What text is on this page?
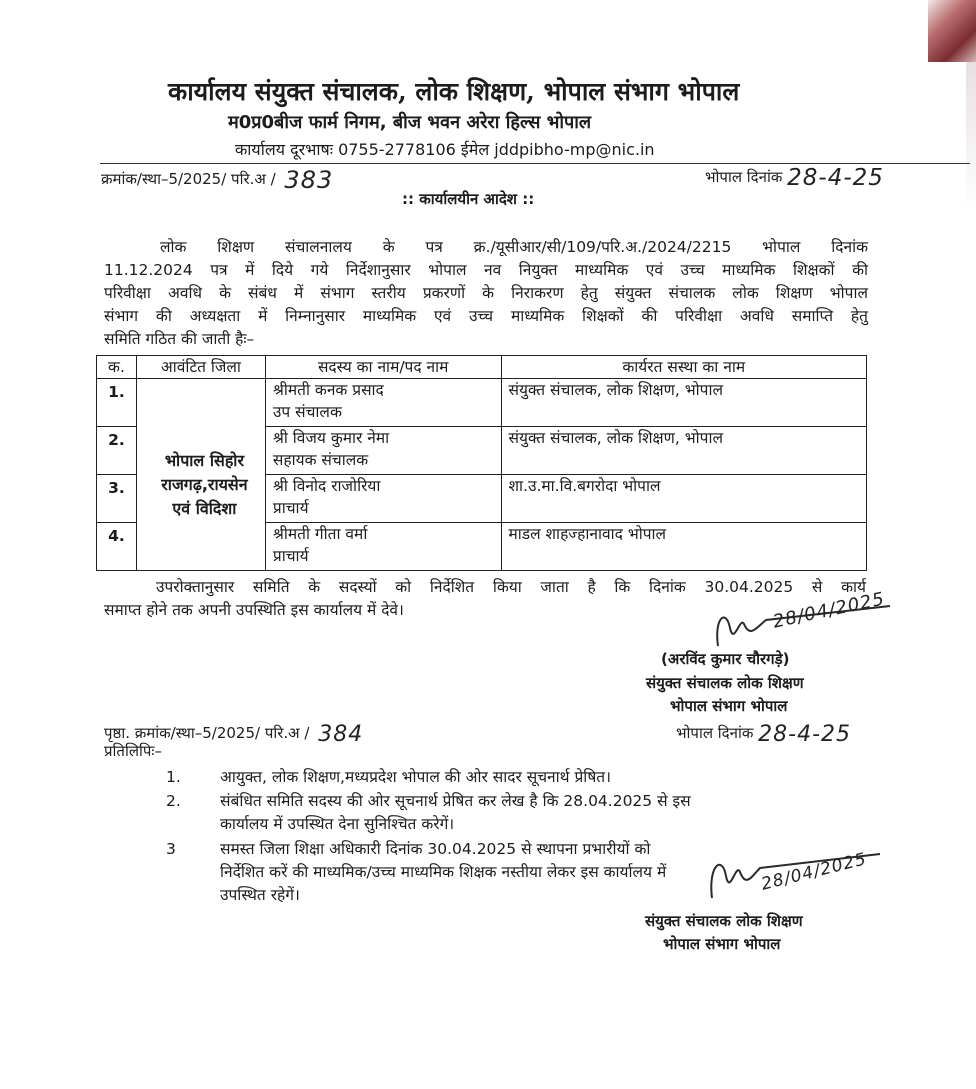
कार्यालय संयुक्त संचालक, लोक शिक्षण, भोपाल संभाग भोपाल
म0प्र0बीज फार्म निगम, बीज भवन अरेरा हिल्स भोपाल
कार्यालय दूरभाषः 0755-2778106 ईमेल jddpibho-mp@nic.in
क्रमांक/स्था–5/2025/ परि.अ / 383	भोपाल दिनांक 28-4-25
:: कार्यालयीन आदेश ::
लोक शिक्षण संचालनालय के पत्र क्र./यूसीआर/सी/109/परि.अ./2024/2215 भोपाल दिनांक
11.12.2024 पत्र में दिये गये निर्देशानुसार भोपाल नव नियुक्त माध्यमिक एवं उच्च माध्यमिक शिक्षकों की
परिवीक्षा अवधि के संबंध में संभाग स्तरीय प्रकरणों के निराकरण हेतु संयुक्त संचालक लोक शिक्षण भोपाल
संभाग की अध्यक्षता में निम्नानुसार माध्यमिक एवं उच्च माध्यमिक शिक्षकों की परिवीक्षा अवधि समाप्ति हेतु
समिति गठित की जाती हैः–
क.	आवंटित जिला	सदस्य का नाम/पद नाम	कार्यरत सस्था का नाम
1.	भोपाल सिहोर
राजगढ़,रायसेन
एवं विदिशा	श्रीमती कनक प्रसाद
उप संचालक	संयुक्त संचालक, लोक शिक्षण, भोपाल
2.		श्री विजय कुमार नेमा
सहायक संचालक	संयुक्त संचालक, लोक शिक्षण, भोपाल
3.		श्री विनोद राजोरिया
प्राचार्य	शा.उ.मा.वि.बगरोदा भोपाल
4.		श्रीमती गीता वर्मा
प्राचार्य	माडल शाहज्हानावाद भोपाल
उपरोक्तानुसार समिति के सदस्यों को निर्देशित किया जाता है कि दिनांक 30.04.2025 से कार्य
समाप्त होने तक अपनी उपस्थिति इस कार्यालय में देवे।	28/04/2025
(अरविंद कुमार चौरगड़े)
संयुक्त संचालक लोक शिक्षण
भोपाल संभाग भोपाल
पृष्ठा. क्रमांक/स्था–5/2025/ परि.अ / 384	भोपाल दिनांक 28-4-25
प्रतिलिपिः–
1.	आयुक्त, लोक शिक्षण,मध्यप्रदेश भोपाल की ओर सादर सूचनार्थ प्रेषित।
2.	संबंधित समिति सदस्य की ओर सूचनार्थ प्रेषित कर लेख है कि 28.04.2025 से इस
कार्यालय में उपस्थित देना सुनिश्चित करेगें।
3	समस्त जिला शिक्षा अधिकारी दिनांक 30.04.2025 से स्थापना प्रभारीयों को
निर्देशित करें की माध्यमिक/उच्च माध्यमिक शिक्षक नस्तीया लेकर इस कार्यालय में
उपस्थित रहेगें।
28/04/2025
संयुक्त संचालक लोक शिक्षण
भोपाल संभाग भोपाल
